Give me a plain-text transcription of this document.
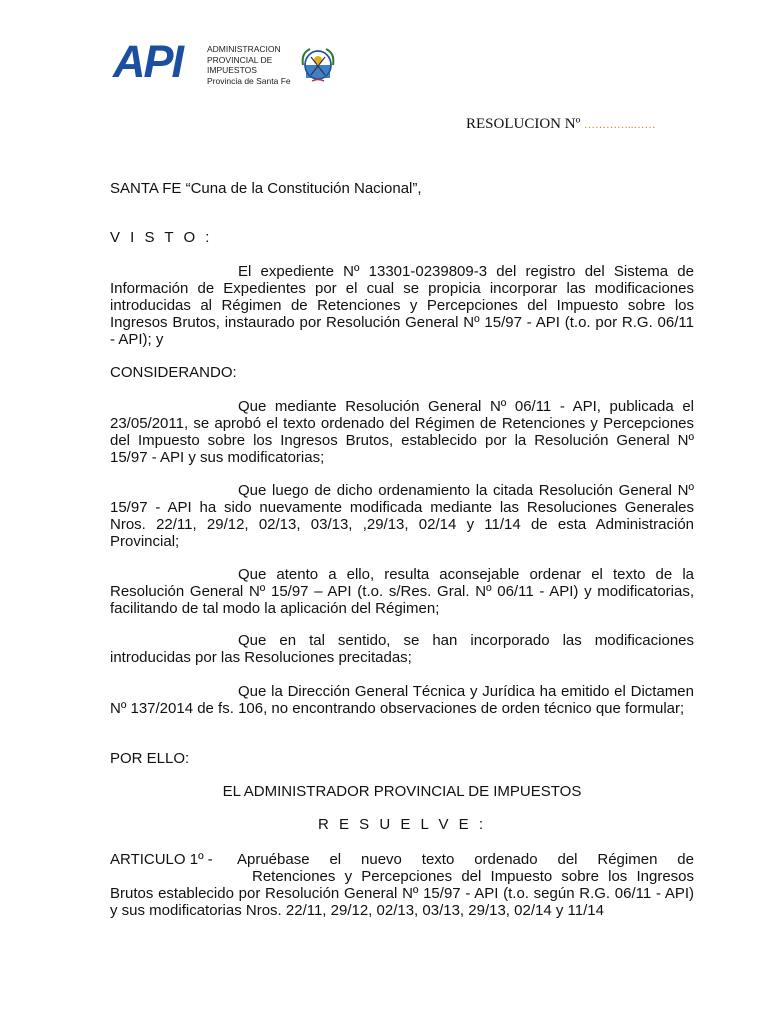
API	ADMINISTRACION
PROVINCIAL DE
IMPUESTOS
Provincia de Santa Fe
RESOLUCION Nº …………..……
SANTA FE “Cuna de la Constitución Nacional”,
V I S T O :

El expediente Nº 13301-0239809-3 del registro del Sistema de Información de Expedientes por el cual se propicia incorporar las modificaciones introducidas al Régimen de Retenciones y Percepciones del Impuesto sobre los Ingresos Brutos, instaurado por Resolución General Nº 15/97 - API (t.o. por R.G. 06/11 - API); y

CONSIDERANDO:

Que mediante Resolución General Nº 06/11 - API, publicada el 23/05/2011, se aprobó el texto ordenado del Régimen de Retenciones y Percepciones del Impuesto sobre los Ingresos Brutos, establecido por la Resolución General Nº 15/97 - API y sus modificatorias;

Que luego de dicho ordenamiento la citada Resolución General Nº 15/97 - API ha sido nuevamente modificada mediante las Resoluciones Generales Nros. 22/11, 29/12, 02/13, 03/13, ,29/13, 02/14 y 11/14 de esta Administración Provincial;

Que atento a ello, resulta aconsejable ordenar el texto de la Resolución General Nº 15/97 – API (t.o. s/Res. Gral. Nº 06/11 - API) y modificatorias, facilitando de tal modo la aplicación del Régimen;

Que en tal sentido, se han incorporado las modificaciones introducidas por las Resoluciones precitadas;

Que la Dirección General Técnica y Jurídica ha emitido el Dictamen Nº 137/2014 de fs. 106, no encontrando observaciones de orden técnico que formular;

POR ELLO:
EL ADMINISTRADOR PROVINCIAL DE IMPUESTOS
R E S U E L V E :
ARTICULO 1º - Apruébase el nuevo texto ordenado del Régimen de
Retenciones y Percepciones del Impuesto sobre los Ingresos

Brutos establecido por Resolución General Nº 15/97 - API (t.o. según R.G. 06/11 - API) y sus modificatorias Nros. 22/11, 29/12, 02/13, 03/13, 29/13, 02/14 y 11/14
